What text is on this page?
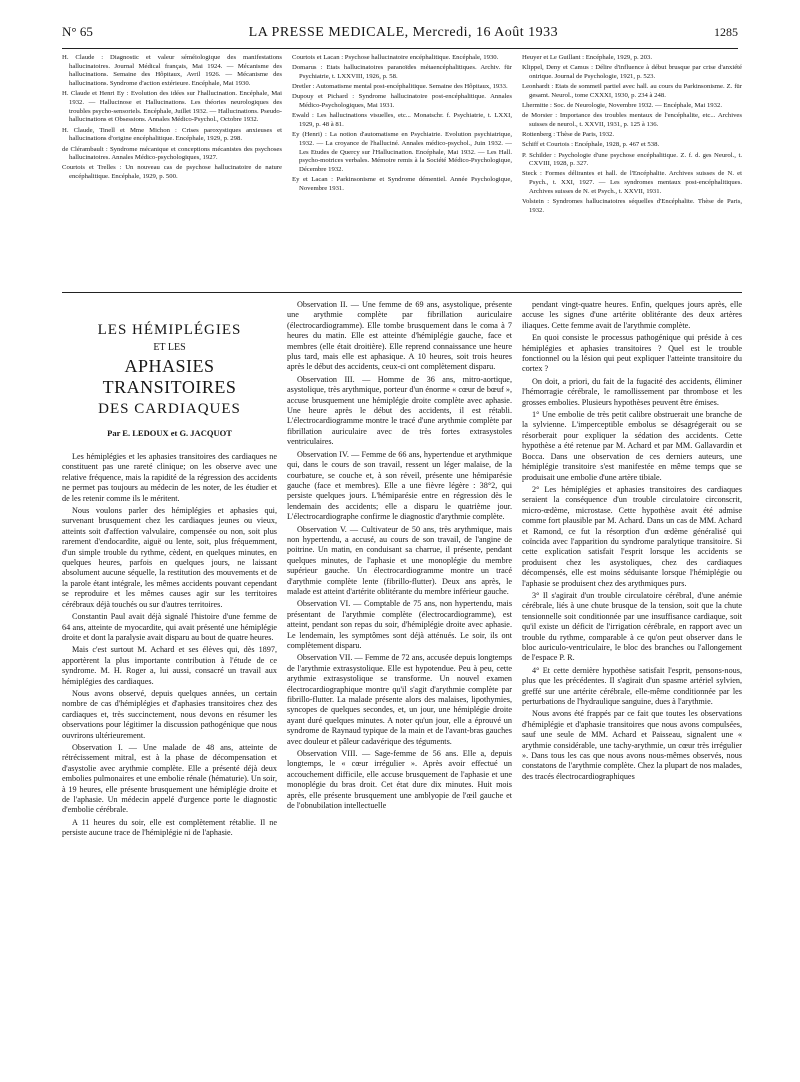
N° 65	LA PRESSE MEDICALE, Mercredi, 16 Août 1933	1285

H. Claude : Diagnostic et valeur séméiologique des manifestations hallucinatoires. Journal Médical français, Mai 1924. — Mécanisme des hallucinations. Semaine des Hôpitaux, Avril 1926. — Mécanisme des hallucinations. Syndrome d'action extérieure. Encéphale, Mai 1930.

H. Claude et Henri Ey : Evolution des idées sur l'hallucination. Encéphale, Mai 1932. — Hallucinose et Hallucinations. Les théories neurologiques des troubles psycho-sensoriels. Encéphale, Juillet 1932. — Hallucinations. Pseudo-hallucinations et Obsessions. Annales Médico-Psychol., Octobre 1932.

H. Claude, Tinell et Mme Michon : Crises paroxystiques anxieuses et hallucinations d'origine encéphalitique. Encéphale, 1929, p. 298.

de Clérambault : Syndrome mécanique et conceptions mécanistes des psychoses hallucinatoires. Annales Médico-psychologiques, 1927.

Courtois et Trelles : Un nouveau cas de psychose hallucinatoire de nature encéphalitique. Encéphale, 1929, p. 500.

Courtois et Lacan : Psychose hallucinatoire encéphalitique. Encéphale, 1930.

Domarus : Etats hallucinatoires paranoïdes métaencéphalitiques. Archiv. für Psychiatrie, t. LXXVIII, 1926, p. 58.

Dretler : Automatisme mental post-encéphalitique. Semaine des Hôpitaux, 1933.

Dupouy et Pichard : Syndrome hallucinatoire post-encéphalitique. Annales Médico-Psychologiques, Mai 1931.

Ewald : Les hallucinations visuelles, etc... Monatschr. f. Psychiatrie, t. LXXI, 1929, p. 48 à 81.

Ey (Henri) : La notion d'automatisme en Psychiatrie. Evolution psychiatrique, 1932. — La croyance de l'halluciné. Annales médico-psychol., Juin 1932. — Les Etudes de Quercy sur l'Hallucination. Encéphale, Mai 1932. — Les Hall. psycho-motrices verbales. Mémoire remis à la Société Médico-Psychologique, Décembre 1932.

Ey et Lacan : Parkinsonisme et Syndrome démentiel. Année Psychologique, Novembre 1931.

Heuyer et Le Guillant : Encéphale, 1929, p. 203.

Klippel, Deny et Camus : Délire d'influence à début brusque par crise d'anxiété onirique. Journal de Psychologie, 1921, p. 523.

Leonhardt : Etats de sommeil partiel avec hall. au cours du Parkinsonisme. Z. für gesamt. Neurol., tome CXXXI, 1930, p. 234 à 248.

Lhermitte : Soc. de Neurologie, Novembre 1932. — Encéphale, Mai 1932.

de Morsier : Importance des troubles mentaux de l'encéphalite, etc... Archives suisses de neurol., t. XXVII, 1931, p. 125 à 136.

Rottenberg : Thèse de Paris, 1932.

Schiff et Courtois : Encéphale, 1928, p. 467 et 538.

P. Schilder : Psychologie d'une psychose encéphalitique. Z. f. d. ges Neurol., t. CXVIII, 1928, p. 327.

Steck : Formes délirantes et hall. de l'Encéphalite. Archives suisses de N. et Psych., t. XXI, 1927. — Les syndromes mentaux post-encéphalitiques. Archives suisses de N. et Psych., t. XXVII, 1931.

Volstein : Syndromes hallucinatoires séquelles d'Encéphalite. Thèse de Paris, 1932.

LES HÉMIPLÉGIES
ET LES
APHASIES TRANSITOIRES
DES CARDIAQUES
Par E. LEDOUX et G. JACQUOT

Les hémiplégies et les aphasies transitoires des cardiaques ne constituent pas une rareté clinique; on les observe avec une relative fréquence, mais la rapidité de la régression des accidents ne permet pas toujours au médecin de les noter, de les étudier et de les retenir comme ils le méritent.

Nous voulons parler des hémiplégies et aphasies qui, survenant brusquement chez les cardiaques jeunes ou vieux, atteints soit d'affection valvulaire, compensée ou non, soit plus rarement d'endocardite, aiguë ou lente, soit, plus fréquemment, d'un simple trouble du rythme, cèdent, en quelques minutes, en quelques heures, parfois en quelques jours, ne laissant absolument aucune séquelle, la restitution des mouvements et de la parole étant intégrale, les mêmes accidents pouvant cependant se reproduire et les mêmes causes agir sur les territoires cérébraux déjà touchés ou sur d'autres territoires.

Constantin Paul avait déjà signalé l'histoire d'une femme de 64 ans, atteinte de myocardite, qui avait présenté une hémiplégie droite et dont la paralysie avait disparu au bout de quatre heures.

Mais c'est surtout M. Achard et ses élèves qui, dès 1897, apportèrent la plus importante contribution à l'étude de ce syndrome. M. H. Roger a, lui aussi, consacré un travail aux hémiplégies des cardiaques.

Nous avons observé, depuis quelques années, un certain nombre de cas d'hémiplégies et d'aphasies transitoires chez des cardiaques et, très succinctement, nous devons en résumer les observations pour légitimer la discussion pathogénique que nous ouvrirons ultérieurement.

Observation I. — Une malade de 48 ans, atteinte de rétrécissement mitral, est à la phase de décompensation et d'asystolie avec arythmie complète. Elle a présenté déjà deux embolies pulmonaires et une embolie rénale (hématurie). Un soir, à 19 heures, elle présente brusquement une hémiplégie droite et de l'aphasie. Un médecin appelé d'urgence porte le diagnostic d'embolie cérébrale.

A 11 heures du soir, elle est complètement rétablie. Il ne persiste aucune trace de l'hémiplégie ni de l'aphasie.

Observation II. — Une femme de 69 ans, asystolique, présente une arythmie complète par fibrillation auriculaire (électrocardiogramme). Elle tombe brusquement dans le coma à 7 heures du matin. Elle est atteinte d'hémiplégie gauche, face et membres (elle était droitière). Elle reprend connaissance une heure plus tard, mais elle est aphasique. A 10 heures, soit trois heures après le début des accidents, ceux-ci ont complètement disparu.

Observation III. — Homme de 36 ans, mitro-aortique, asystolique, très arythmique, porteur d'un énorme « cœur de bœuf », accuse brusquement une hémiplégie droite complète avec aphasie. Une heure après le début des accidents, il est rétabli. L'électrocardiogramme montre le tracé d'une arythmie complète par fibrillation auriculaire avec de très fortes extrasystoles ventriculaires.

Observation IV. — Femme de 66 ans, hypertendue et arythmique qui, dans le cours de son travail, ressent un léger malaise, de la courbature, se couche et, à son réveil, présente une hémiparésie gauche (face et membres). Elle a une fièvre légère : 38°2, qui persiste quelques jours. L'hémiparésie entre en régression dès le lendemain des accidents; elle a disparu le quatrième jour. L'électrocardiographe confirme le diagnostic d'arythmie complète.

Observation V. — Cultivateur de 50 ans, très arythmique, mais non hypertendu, a accusé, au cours de son travail, de l'angine de poitrine. Un matin, en conduisant sa charrue, il présente, pendant quelques minutes, de l'aphasie et une monoplégie du membre supérieur gauche. Un électrocardiogramme montre un tracé d'arythmie complète lente (fibrillo-flutter). Deux ans après, le malade est atteint d'artérite oblitérante du membre inférieur gauche.

Observation VI. — Comptable de 75 ans, non hypertendu, mais présentant de l'arythmie complète (électrocardiogramme), est atteint, pendant son repas du soir, d'hémiplégie droite avec aphasie. Le lendemain, les symptômes sont déjà atténués. Le soir, ils ont complètement disparu.

Observation VII. — Femme de 72 ans, accusée depuis longtemps de l'arythmie extrasystolique. Elle est hypotendue. Peu à peu, cette arythmie extrasystolique se transforme. Un nouvel examen électrocardiographique montre qu'il s'agit d'arythmie complète par fibrillo-flutter. La malade présente alors des malaises, lipothymies, syncopes de quelques secondes, et, un jour, une hémiplégie droite ayant duré quelques minutes. A noter qu'un jour, elle a éprouvé un syndrome de Raynaud typique de la main et de l'avant-bras gauches avec douleur et pâleur cadavérique des téguments.

Observation VIII. — Sage-femme de 56 ans. Elle a, depuis longtemps, le « cœur irrégulier ». Après avoir effectué un accouchement difficile, elle accuse brusquement de l'aphasie et une monoplégie du bras droit. Cet état dure dix minutes. Huit mois après, elle présente brusquement une amblyopie de l'œil gauche et de l'obnubilation intellectuelle

pendant vingt-quatre heures. Enfin, quelques jours après, elle accuse les signes d'une artérite oblitérante des deux artères iliaques. Cette femme avait de l'arythmie complète.

En quoi consiste le processus pathogénique qui préside à ces hémiplégies et aphasies transitoires ? Quel est le trouble fonctionnel ou la lésion qui peut expliquer l'atteinte transitoire du cortex ?

On doit, a priori, du fait de la fugacité des accidents, éliminer l'hémorragie cérébrale, le ramollissement par thrombose et les grosses embolies. Plusieurs hypothèses peuvent être émises.

1° Une embolie de très petit calibre obstruerait une branche de la sylvienne. L'imperceptible embolus se désagrégerait ou se résorberait pour expliquer la sédation des accidents. Cette hypothèse a été retenue par M. Achard et par MM. Gallavardin et Bocca. Dans une observation de ces derniers auteurs, une hémiplégie transitoire s'est manifestée en même temps que se produisait une embolie d'une artère tibiale.

2° Les hémiplégies et aphasies transitoires des cardiaques seraient la conséquence d'un trouble circulatoire circonscrit, micro-œdème, microstase. Cette hypothèse avait été admise comme fort plausible par M. Achard. Dans un cas de MM. Achard et Ramond, ce fut la résorption d'un œdème généralisé qui coïncida avec l'apparition du syndrome paralytique transitoire. Si cette explication satisfait l'esprit lorsque les accidents se produisent chez les asystoliques, chez des cardiaques décompensés, elle est moins séduisante lorsque l'hémiplégie ou l'aphasie se produisent chez des arythmiques purs.

3° Il s'agirait d'un trouble circulatoire cérébral, d'une anémie cérébrale, liés à une chute brusque de la tension, soit que la chute tensionnelle soit conditionnée par une insuffisance cardiaque, soit qu'il existe un déficit de l'irrigation cérébrale, en rapport avec un trouble du rythme, comparable à ce qu'on peut observer dans le bloc auriculo-ventriculaire, le bloc des branches ou l'allongement de l'espace P. R.

4° Et cette dernière hypothèse satisfait l'esprit, pensons-nous, plus que les précédentes. Il s'agirait d'un spasme artériel sylvien, greffé sur une artérite cérébrale, elle-même conditionnée par les perturbations de l'hydraulique sanguine, dues à l'arythmie.

Nous avons été frappés par ce fait que toutes les observations d'hémiplégie et d'aphasie transitoires que nous avons compulsées, sauf une seule de MM. Achard et Paisseau, signalent une « arythmie considérable, une tachy-arythmie, un cœur très irrégulier ». Dans tous les cas que nous avons nous-mêmes observés, nous constatons de l'arythmie complète. Chez la plupart de nos malades, des tracés électrocardiographiques
